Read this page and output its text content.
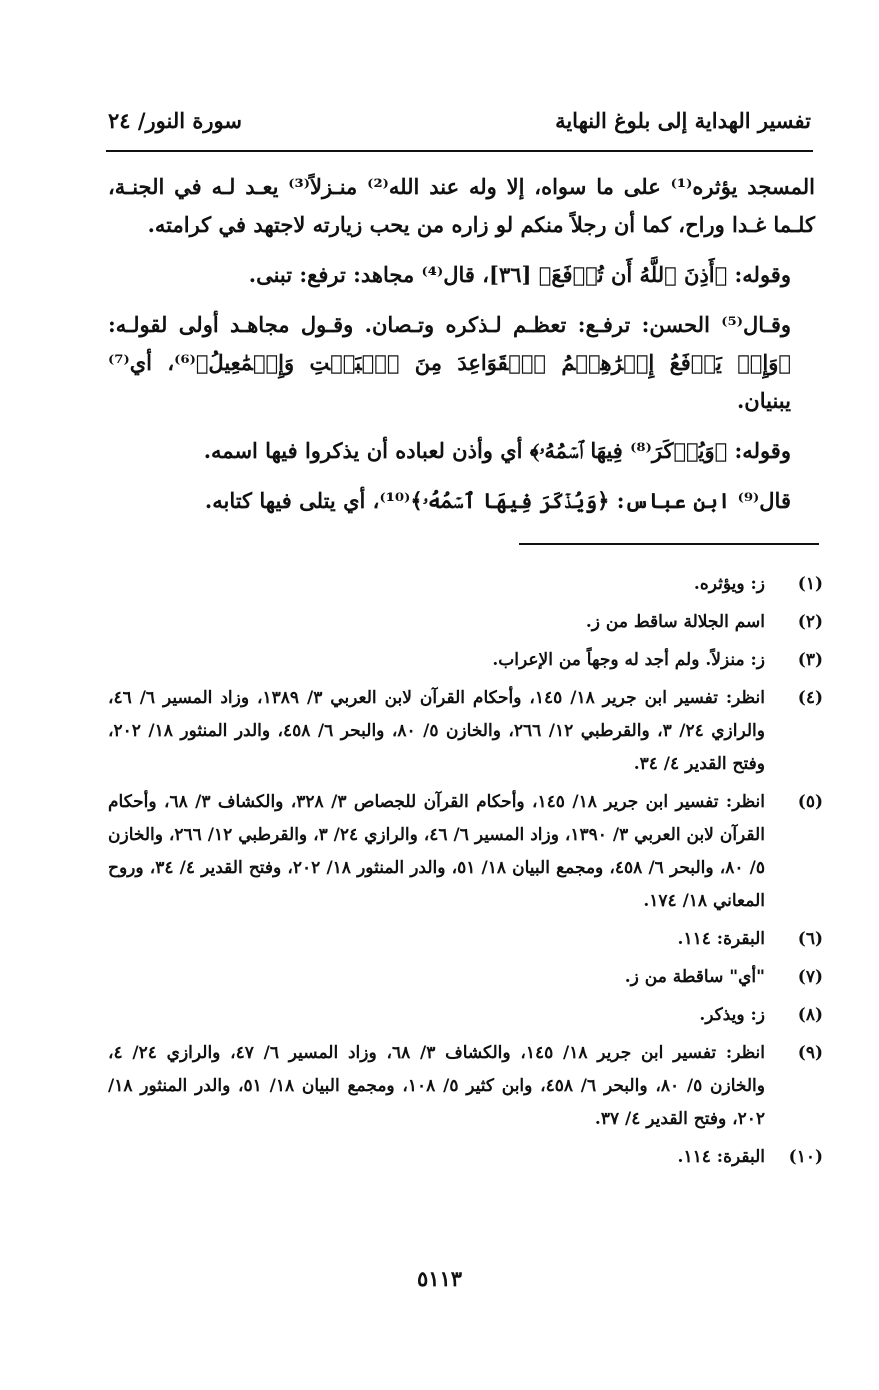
تفسير الهداية إلى بلوغ النهاية
سورة النور/ ٢٤

المسجد يؤثره⁽¹⁾ على ما سواه، إلا وله عند الله⁽²⁾ منـزلاً⁽³⁾ يعـد لـه في الجنـة، كلـما غـدا وراح، كما أن رجلاً منكم لو زاره من يحب زيارته لاجتهد في كرامته.

وقوله: ﴿أَذِنَ ٱللَّهُ أَن تُرۡفَعَ﴾ [٣٦]، قال⁽⁴⁾ مجاهد: ترفع: تبنى.

وقـال⁽⁵⁾ الحسن: ترفـع: تعظـم لـذكره وتـصان. وقـول مجاهـد أولى لقولـه: ﴿وَإِذۡ يَرۡفَعُ إِبۡرَٰهِـۧمُ ٱلۡقَوَاعِدَ مِنَ ٱلۡبَيۡتِ وَإِسۡمَٰعِيلُ﴾⁽⁶⁾، أي⁽⁷⁾ يبنيان.

وقوله: ﴿وَيُذۡكَرَ⁽⁸⁾ فِيهَا ٱسۡمُهُۥ﴾ أي وأذن لعباده أن يذكروا فيها اسمه.

قال⁽⁹⁾ ابن عباس: ﴿وَيُذۡكَرَ فِيهَا ٱسۡمُهُۥ﴾⁽¹⁰⁾، أي يتلى فيها كتابه.

(١)
ز: ويؤثره.
(٢)
اسم الجلالة ساقط من ز.
(٣)
ز: منزلاً. ولم أجد له وجهاً من الإعراب.
(٤)
انظر: تفسير ابن جرير ١٨/ ١٤٥، وأحكام القرآن لابن العربي ٣/ ١٣٨٩، وزاد المسير ٦/ ٤٦، والرازي ٢٤/ ٣، والقرطبي ١٢/ ٢٦٦، والخازن ٥/ ٨٠، والبحر ٦/ ٤٥٨، والدر المنثور ١٨/ ٢٠٢، وفتح القدير ٤/ ٣٤.
(٥)
انظر: تفسير ابن جرير ١٨/ ١٤٥، وأحكام القرآن للجصاص ٣/ ٣٢٨، والكشاف ٣/ ٦٨، وأحكام القرآن لابن العربي ٣/ ١٣٩٠، وزاد المسير ٦/ ٤٦، والرازي ٢٤/ ٣، والقرطبي ١٢/ ٢٦٦، والخازن ٥/ ٨٠، والبحر ٦/ ٤٥٨، ومجمع البيان ١٨/ ٥١، والدر المنثور ١٨/ ٢٠٢، وفتح القدير ٤/ ٣٤، وروح المعاني ١٨/ ١٧٤.
(٦)
البقرة: ١١٤.
(٧)
"أي" ساقطة من ز.
(٨)
ز: ويذكر.
(٩)
انظر: تفسير ابن جرير ١٨/ ١٤٥، والكشاف ٣/ ٦٨، وزاد المسير ٦/ ٤٧، والرازي ٢٤/ ٤، والخازن ٥/ ٨٠، والبحر ٦/ ٤٥٨، وابن كثير ٥/ ١٠٨، ومجمع البيان ١٨/ ٥١، والدر المنثور ١٨/ ٢٠٢، وفتح القدير ٤/ ٣٧.
(١٠)
البقرة: ١١٤.
٥١١٣
